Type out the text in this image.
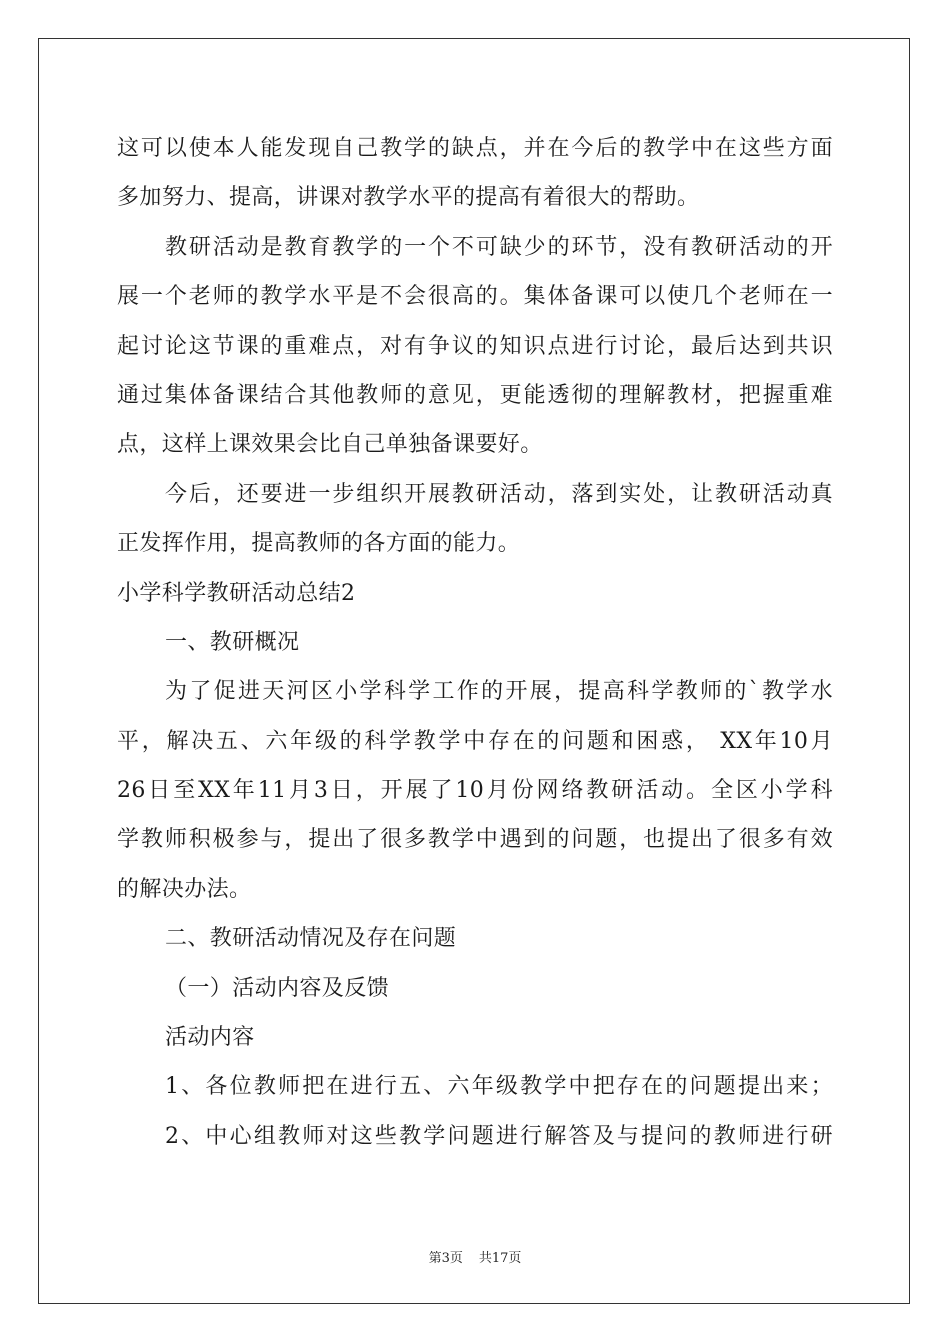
这可以使本人能发现自己教学的缺点，并在今后的教学中在这些方面
多加努力、提高，讲课对教学水平的提高有着很大的帮助。
教研活动是教育教学的一个不可缺少的环节，没有教研活动的开
展一个老师的教学水平是不会很高的。集体备课可以使几个老师在一
起讨论这节课的重难点，对有争议的知识点进行讨论，最后达到共识
通过集体备课结合其他教师的意见，更能透彻的理解教材，把握重难
点，这样上课效果会比自己单独备课要好。
今后，还要进一步组织开展教研活动，落到实处，让教研活动真
正发挥作用，提高教师的各方面的能力。
小学科学教研活动总结2
一、教研概况
为了促进天河区小学科学工作的开展，提高科学教师的`教学水
平，解决五、六年级的科学教学中存在的问题和困惑， XX年10月
26日至XX年11月3日，开展了10月份网络教研活动。全区小学科
学教师积极参与，提出了很多教学中遇到的问题，也提出了很多有效
的解决办法。
二、教研活动情况及存在问题
（一）活动内容及反馈
活动内容
1、各位教师把在进行五、六年级教学中把存在的问题提出来；
2、中心组教师对这些教学问题进行解答及与提问的教师进行研
第3页 共17页
